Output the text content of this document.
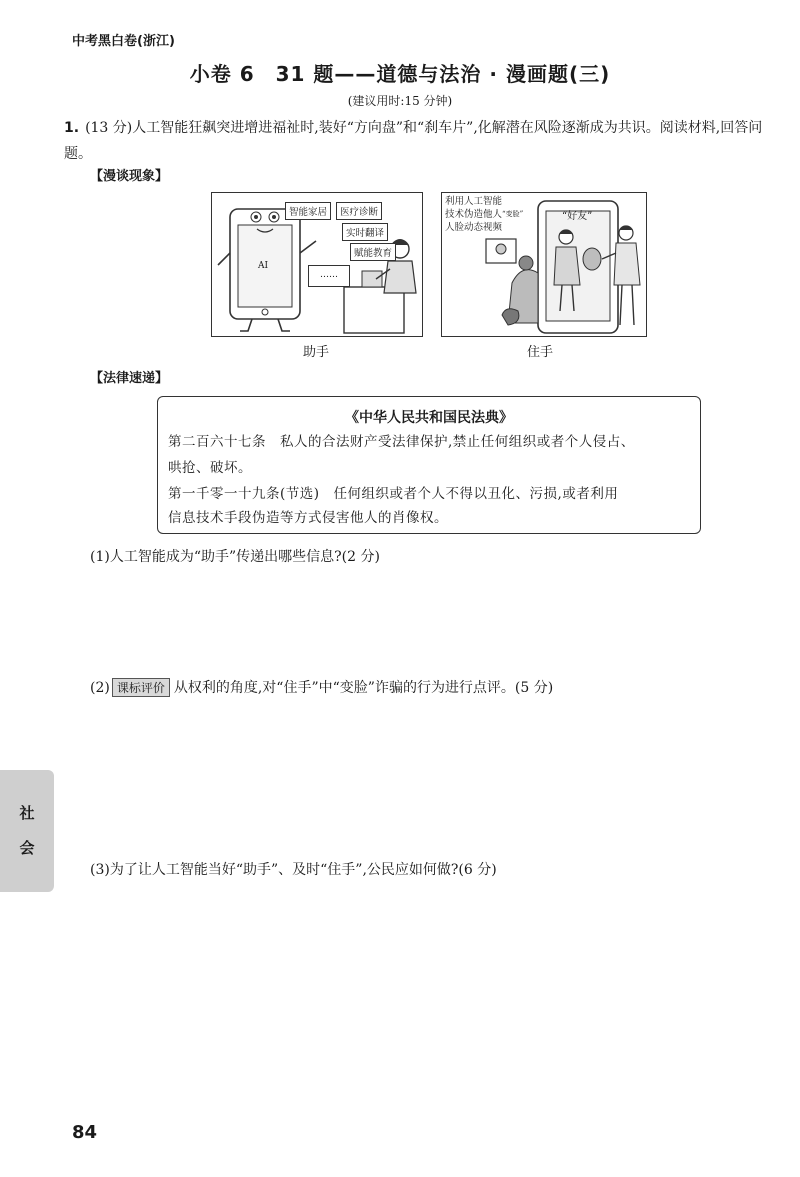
中考黑白卷(浙江)
小卷 6　31 题——道德与法治 · 漫画题(三)
(建议用时:15 分钟)
1. (13 分)人工智能狂飙突进增进福祉时,装好“方向盘”和“刹车片”,化解潜在风险逐渐成为共识。阅读材料,回答问题。
【漫谈现象】
AI
智能家居	医疗诊断
实时翻译
赋能教育
……
助手
利用人工智能技术伪造他人人脸动态视频
“变脸”	“好友”
住手
【法律速递】
《中华人民共和国民法典》
第二百六十七条　私人的合法财产受法律保护,禁止任何组织或者个人侵占、
哄抢、破坏。
第一千零一十九条(节选)　任何组织或者个人不得以丑化、污损,或者利用
信息技术手段伪造等方式侵害他人的肖像权。
(1)人工智能成为“助手”传递出哪些信息?(2 分)
(2) 课标评价 从权利的角度,对“住手”中“变脸”诈骗的行为进行点评。(5 分)
社
会
(3)为了让人工智能当好“助手”、及时“住手”,公民应如何做?(6 分)
84
